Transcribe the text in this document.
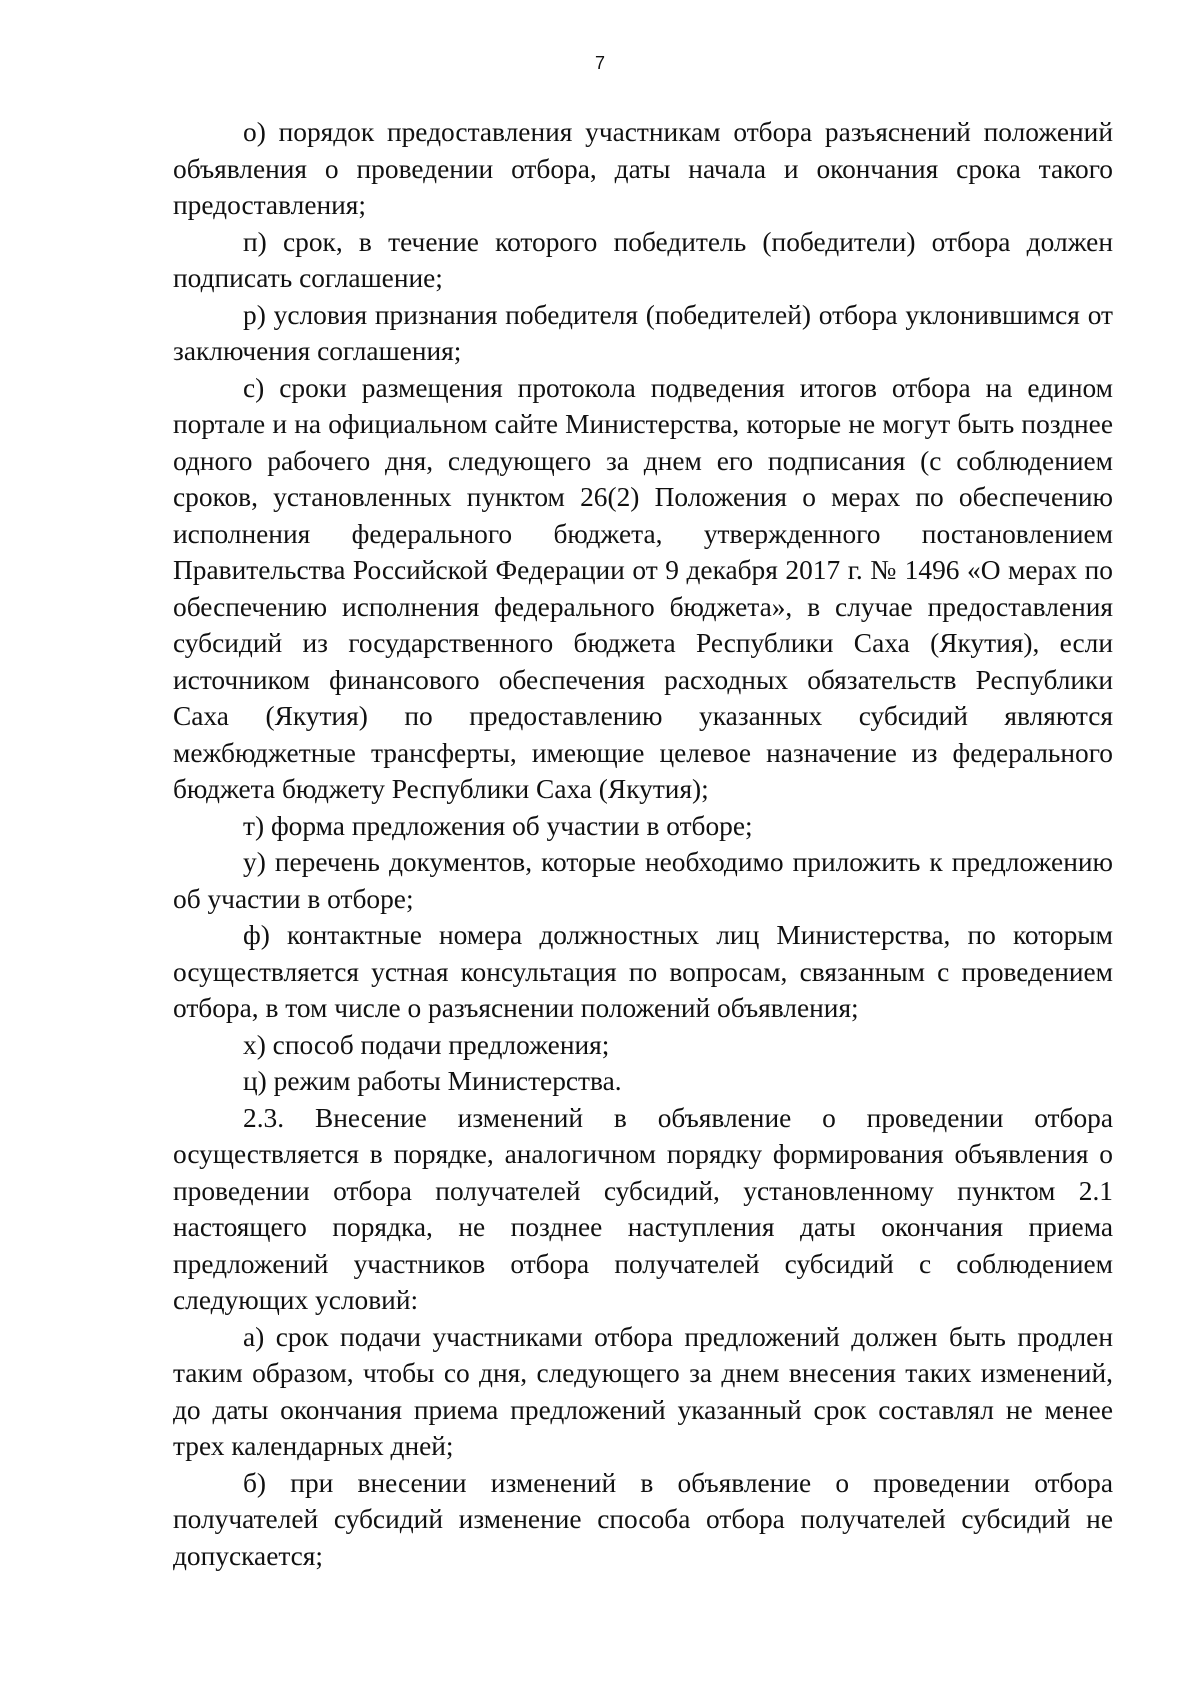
7

о) порядок предоставления участникам отбора разъяснений положений объявления о проведении отбора, даты начала и окончания срока такого предоставления;

п) срок, в течение которого победитель (победители) отбора должен подписать соглашение;

р) условия признания победителя (победителей) отбора уклонившимся от заключения соглашения;

с) сроки размещения протокола подведения итогов отбора на едином портале и на официальном сайте Министерства, которые не могут быть позднее одного рабочего дня, следующего за днем его подписания (с соблюдением сроков, установленных пунктом 26(2) Положения о мерах по обеспечению исполнения федерального бюджета, утвержденного постановлением Правительства Российской Федерации от 9 декабря 2017 г. № 1496 «О мерах по обеспечению исполнения федерального бюджета», в случае предоставления субсидий из государственного бюджета Республики Саха (Якутия), если источником финансового обеспечения расходных обязательств Республики Саха (Якутия) по предоставлению указанных субсидий являются межбюджетные трансферты, имеющие целевое назначение из федерального бюджета бюджету Республики Саха (Якутия);

т) форма предложения об участии в отборе;

у) перечень документов, которые необходимо приложить к предложению об участии в отборе;

ф) контактные номера должностных лиц Министерства, по которым осуществляется устная консультация по вопросам, связанным с проведением отбора, в том числе о разъяснении положений объявления;

х) способ подачи предложения;

ц) режим работы Министерства.

2.3. Внесение изменений в объявление о проведении отбора осуществляется в порядке, аналогичном порядку формирования объявления о проведении отбора получателей субсидий, установленному пунктом 2.1 настоящего порядка, не позднее наступления даты окончания приема предложений участников отбора получателей субсидий с соблюдением следующих условий:

а) срок подачи участниками отбора предложений должен быть продлен таким образом, чтобы со дня, следующего за днем внесения таких изменений, до даты окончания приема предложений указанный срок составлял не менее трех календарных дней;

б) при внесении изменений в объявление о проведении отбора получателей субсидий изменение способа отбора получателей субсидий не допускается;
